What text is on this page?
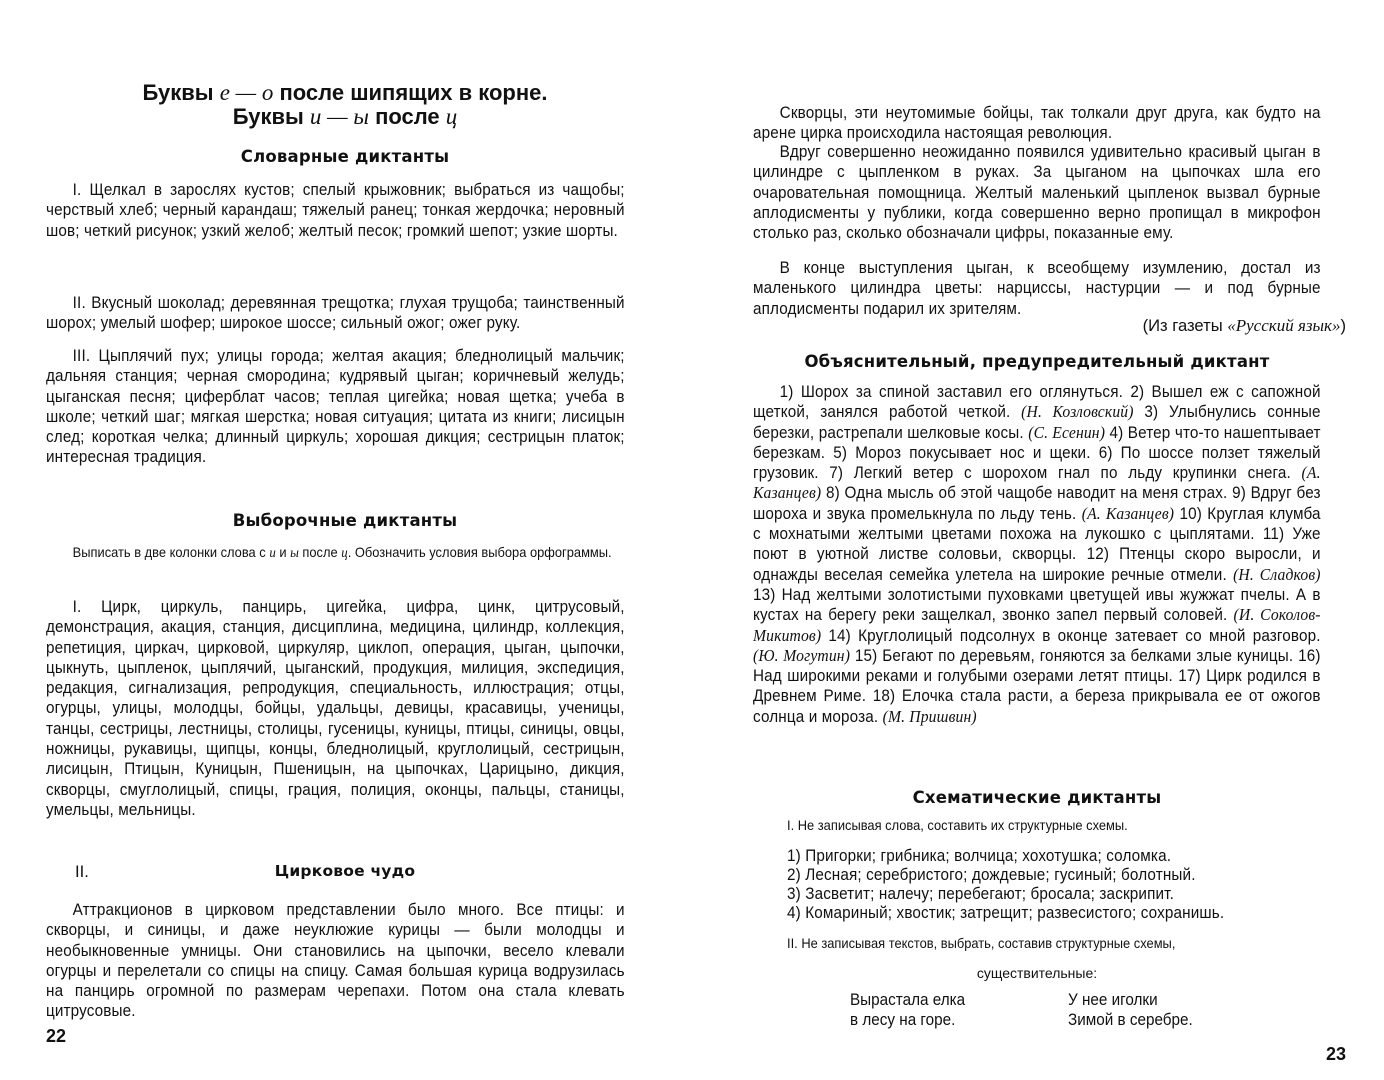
Буквы е — о после шипящих в корне.
Буквы и — ы после ц
Словарные диктанты

I. Щелкал в зарослях кустов; спелый крыжовник; выбраться из чащобы; черствый хлеб; черный карандаш; тяжелый ранец; тонкая жердочка; неровный шов; четкий рисунок; узкий желоб; желтый песок; громкий шепот; узкие шорты.

II. Вкусный шоколад; деревянная трещотка; глухая трущоба; таинственный шорох; умелый шофер; широкое шоссе; сильный ожог; ожег руку.

III. Цыплячий пух; улицы города; желтая акация; бледнолицый мальчик; дальняя станция; черная смородина; кудрявый цыган; коричневый желудь; цыганская песня; циферблат часов; теплая цигейка; новая щетка; учеба в школе; четкий шаг; мягкая шерстка; новая ситуация; цитата из книги; лисицын след; короткая челка; длинный циркуль; хорошая дикция; сестрицын платок; интересная традиция.

Выборочные диктанты

Выписать в две колонки слова с и и ы после ц. Обозначить условия выбора орфограммы.

I. Цирк, циркуль, панцирь, цигейка, цифра, цинк, цитрусовый, демонстрация, акация, станция, дисциплина, медицина, цилиндр, коллекция, репетиция, циркач, цирковой, циркуляр, циклоп, операция, цыган, цыпочки, цыкнуть, цыпленок, цыплячий, цыганский, продукция, милиция, экспедиция, редакция, сигнализация, репродукция, специальность, иллюстрация; отцы, огурцы, улицы, молодцы, бойцы, удальцы, девицы, красавицы, ученицы, танцы, сестрицы, лестницы, столицы, гусеницы, куницы, птицы, синицы, овцы, ножницы, рукавицы, щипцы, концы, бледнолицый, круглолицый, сестрицын, лисицын, Птицын, Куницын, Пшеницын, на цыпочках, Царицыно, дикция, скворцы, смуглолицый, спицы, грация, полиция, оконцы, пальцы, станицы, умельцы, мельницы.

II.	Цирковое чудо

Аттракционов в цирковом представлении было много. Все птицы: и скворцы, и синицы, и даже неуклюжие курицы — были молодцы и необыкновенные умницы. Они становились на цыпочки, весело клевали огурцы и перелетали со спицы на спицу. Самая большая курица водрузилась на панцирь огромной по размерам черепахи. Потом она стала клевать цитрусовые.

22

Скворцы, эти неутомимые бойцы, так толкали друг друга, как будто на арене цирка происходила настоящая революция.

Вдруг совершенно неожиданно появился удивительно красивый цыган в цилиндре с цыпленком в руках. За цыганом на цыпочках шла его очаровательная помощница. Желтый маленький цыпленок вызвал бурные аплодисменты у публики, когда совершенно верно пропищал в микрофон столько раз, сколько обозначали цифры, показанные ему.

В конце выступления цыган, к всеобщему изумлению, достал из маленького цилиндра цветы: нарциссы, настурции — и под бурные аплодисменты подарил их зрителям.

(Из газеты «Русский язык»)
Объяснительный, предупредительный диктант

1) Шорох за спиной заставил его оглянуться. 2) Вышел еж с сапожной щеткой, занялся работой четкой. (Н. Козловский) 3) Улыбнулись сонные березки, растрепали шелковые косы. (С. Есенин) 4) Ветер что-то нашептывает березкам. 5) Мороз покусывает нос и щеки. 6) По шоссе ползет тяжелый грузовик. 7) Легкий ветер с шорохом гнал по льду крупинки снега. (А. Казанцев) 8) Одна мысль об этой чащобе наводит на меня страх. 9) Вдруг без шороха и звука промелькнула по льду тень. (А. Казанцев) 10) Круглая клумба с мохнатыми желтыми цветами похожа на лукошко с цыплятами. 11) Уже поют в уютной листве соловьи, скворцы. 12) Птенцы скоро выросли, и однажды веселая семейка улетела на широкие речные отмели. (Н. Сладков) 13) Над желтыми золотистыми пуховками цветущей ивы жужжат пчелы. А в кустах на берегу реки защелкал, звонко запел первый соловей. (И. Соколов-Микитов) 14) Круглолицый подсолнух в оконце затевает со мной разговор. (Ю. Могутин) 15) Бегают по деревьям, гоняются за белками злые куницы. 16) Над широкими реками и голубыми озерами летят птицы. 17) Цирк родился в Древнем Риме. 18) Елочка стала расти, а береза прикрывала ее от ожогов солнца и мороза. (М. Пришвин)

Схематические диктанты
I. Не записывая слова, составить их структурные схемы.
1) Пригорки; грибника; волчица; хохотушка; соломка.
2) Лесная; серебристого; дождевые; гусиный; болотный.
3) Засветит; налечу; перебегают; бросала; заскрипит.
4) Комариный; хвостик; затрещит; развесистого; сохранишь.
II. Не записывая текстов, выбрать, составив структурные схемы,
существительные:
Вырастала елка
в лесу на горе.
У нее иголки
Зимой в серебре.
23
